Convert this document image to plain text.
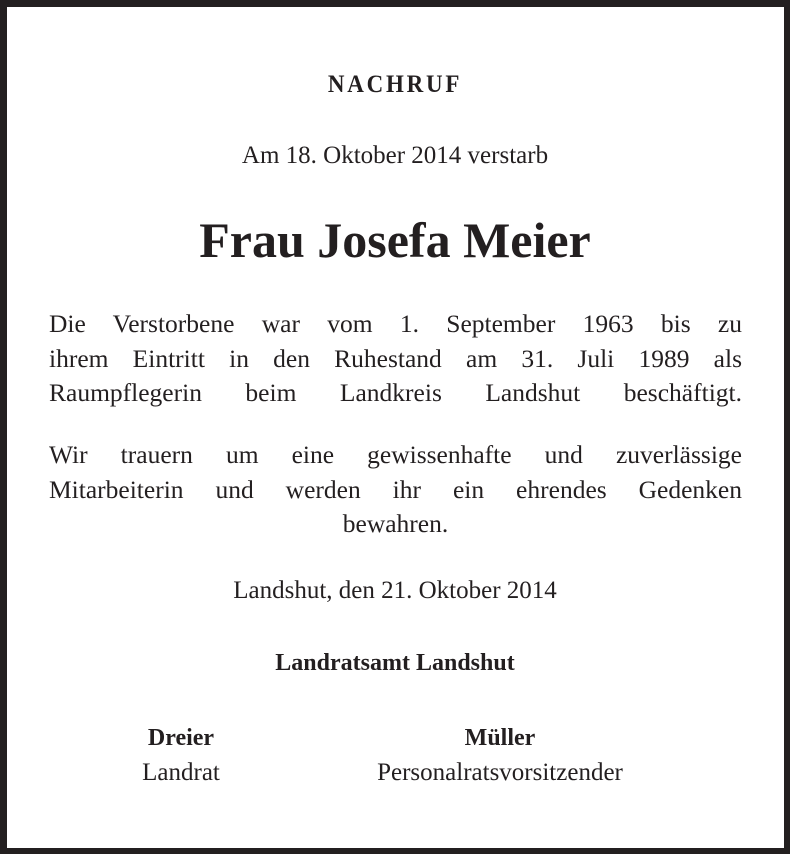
NACHRUF
Am 18. Oktober 2014 verstarb
Frau Josefa Meier
Die Verstorbene war vom 1. September 1963 bis zu
ihrem Eintritt in den Ruhestand am 31. Juli 1989 als
Raumpflegerin beim Landkreis Landshut beschäftigt.
Wir trauern um eine gewissenhafte und zuverlässige
Mitarbeiterin und werden ihr ein ehrendes Gedenken
bewahren.
Landshut, den 21. Oktober 2014
Landratsamt Landshut
Dreier
Landrat
Müller
Personalratsvorsitzender
